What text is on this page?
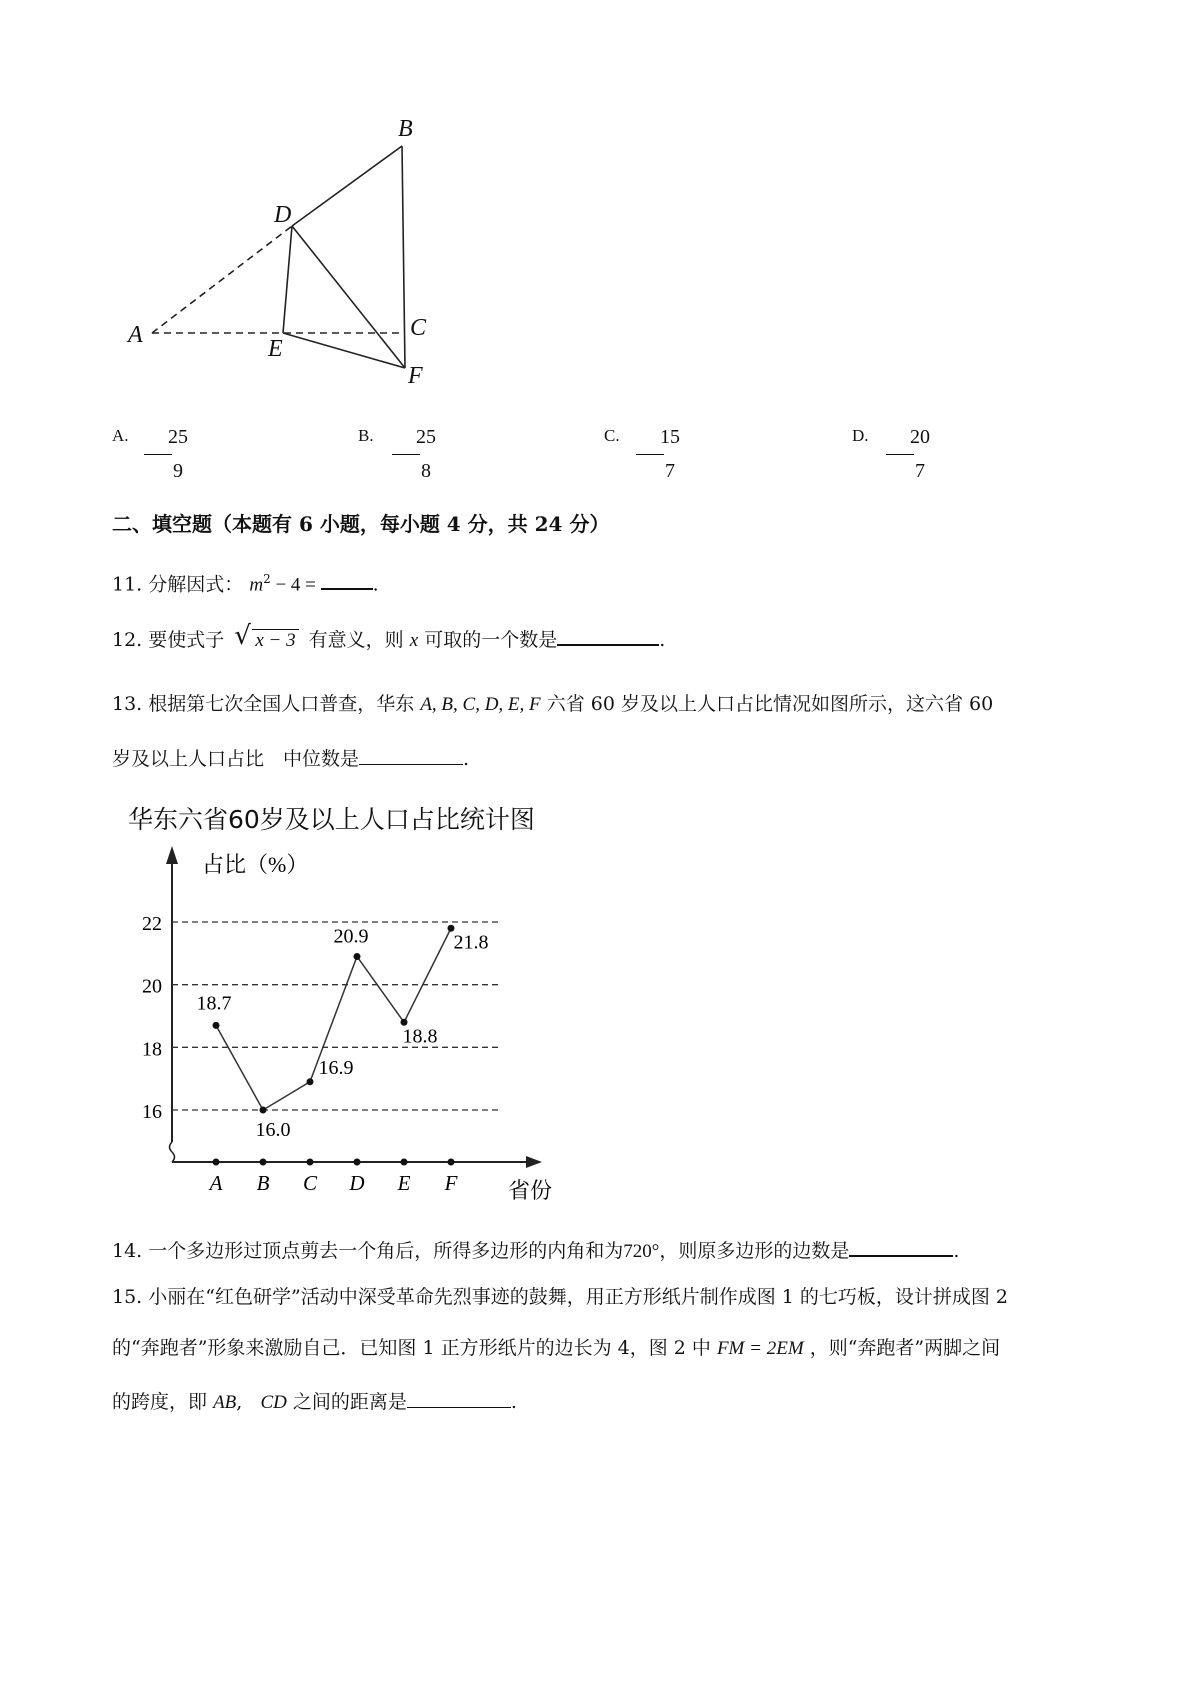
B
D
A	C
E
F
A.	25
9
B.	25
8
C.	15
7
D.	20
7
二、填空题（本题有 6 小题，每小题 4 分，共 24 分）
11. 分解因式： $m^2 - 4$ =	.
12. 要使式子 √ x − 3 有意义，则 x 可取的一个数是	.
13. 根据第七次全国人口普查，华东 A, B, C, D, E, F 六省 60 岁及以上人口占比情况如图所示，这六省 60
岁及以上人口占比　中位数是	.
华东六省60岁及以上人口占比统计图
占比（%）
省份
16
18
20
22
A B C D E F
18.7
16.0
16.9
20.9
18.8
21.8
14. 一个多边形过顶点剪去一个角后，所得多边形的内角和为720°，则原多边形的边数是	.
15. 小丽在“红色研学”活动中深受革命先烈事迹的鼓舞，用正方形纸片制作成图 1 的七巧板，设计拼成图 2
的“奔跑者”形象来激励自己．已知图 1 正方形纸片的边长为 4，图 2 中 FM = 2EM ，则“奔跑者”两脚之间
的跨度，即 AB,   CD 之间的距离是	.
